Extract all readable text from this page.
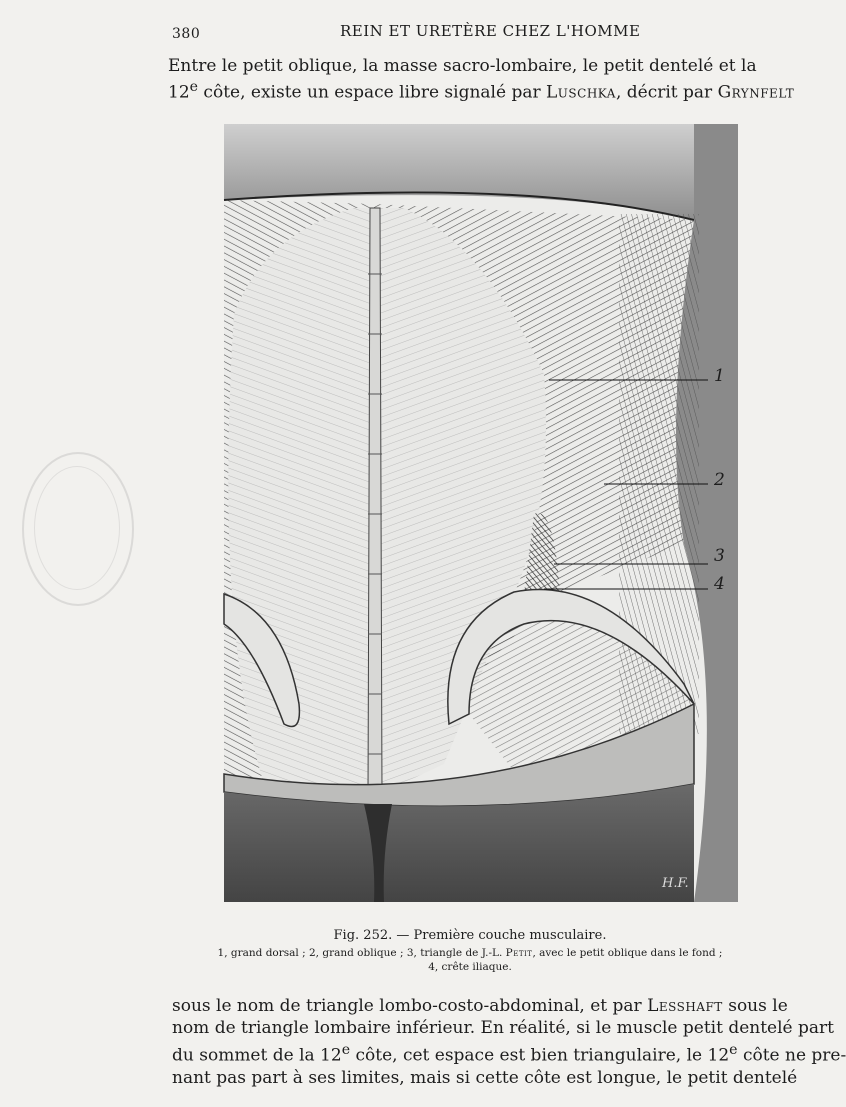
380	REIN ET URETÈRE CHEZ L'HOMME
Entre le petit oblique, la masse sacro-lombaire, le petit dentelé et la
12e côte, existe un espace libre signalé par Luschka, décrit par Grynfelt
1
2
3
4
H.F.
Fig. 252. — Première couche musculaire.
1, grand dorsal ; 2, grand oblique ; 3, triangle de J.-L. Petit, avec le petit oblique dans le fond ;
4, crête iliaque.
sous le nom de triangle lombo-costo-abdominal, et par Lesshaft sous le
nom de triangle lombaire inférieur. En réalité, si le muscle petit dentelé part
du sommet de la 12e côte, cet espace est bien triangulaire, le 12e côte ne pre-
nant pas part à ses limites, mais si cette côte est longue, le petit dentelé
